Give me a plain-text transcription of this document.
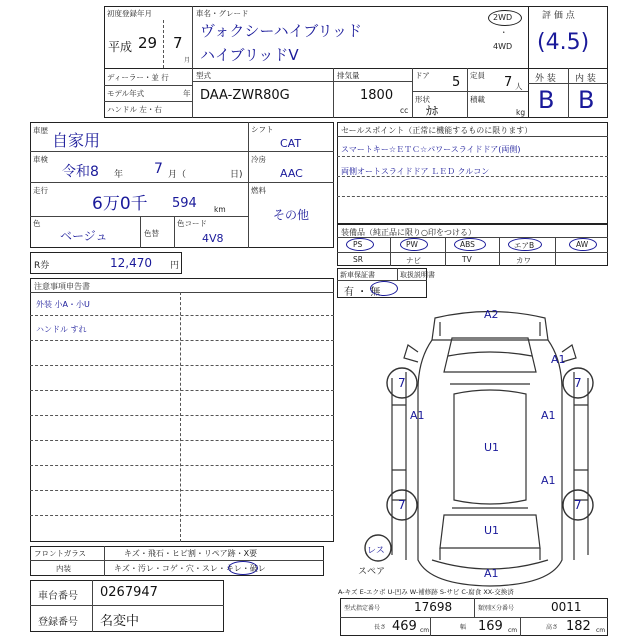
初度登録年月
平成 29 7
月
車名・グレード
ヴォクシーハイブリッド
ハイブリッドV
2WD
・
4WD
評 価 点
(4.5)
ディーラー・並 行
モデル年式	年
ハンドル 左・右
型式
DAA-ZWR80G
排気量
1800
cc
ドア 5 定員 7 人
形状
ｶﾎ
積載
kg
外 装 内 装
B B
車歴
自家用
車検
令和8 年 7 月（	日)
走行
6万0千 594 km
色
ベージュ	色替
色コード
4V8
シフト
CAT
冷房
AAC
燃料
その他
R券	12,470 円
セールスポイント（正常に機能するものに限ります）
スマートキー☆ＥＴＣ☆パワースライドドア(両側)
両側オートスライドドア ＬＥＤ クルコン
装備品（純正品に限り○印をつける）
PS	PW	ABS	エアB	AW
SR	ナビ	TV	カワ
新車保証書	取扱説明書
有 ・ 無
注意事項申告書
外装 小A・小U
ハンドル すれ
フロントガラス	キズ・飛石・ヒビ割・リペア跡・X要
内装	キズ・汚レ・コゲ・穴・スレ・キレ・破レ
車台番号 0267947
登録番号 名変中
A2
A1
A1	A1
A1
U1
U1
A1
7	7
7	7
レス
スペア
A-キズ E-エクボ U-凹み W-補修跡 S-サビ C-腐食 XX-交換済
型式指定番号	17698	類別区分番号	0011
長さ 469 cm	幅 169 cm	高さ 182 cm
